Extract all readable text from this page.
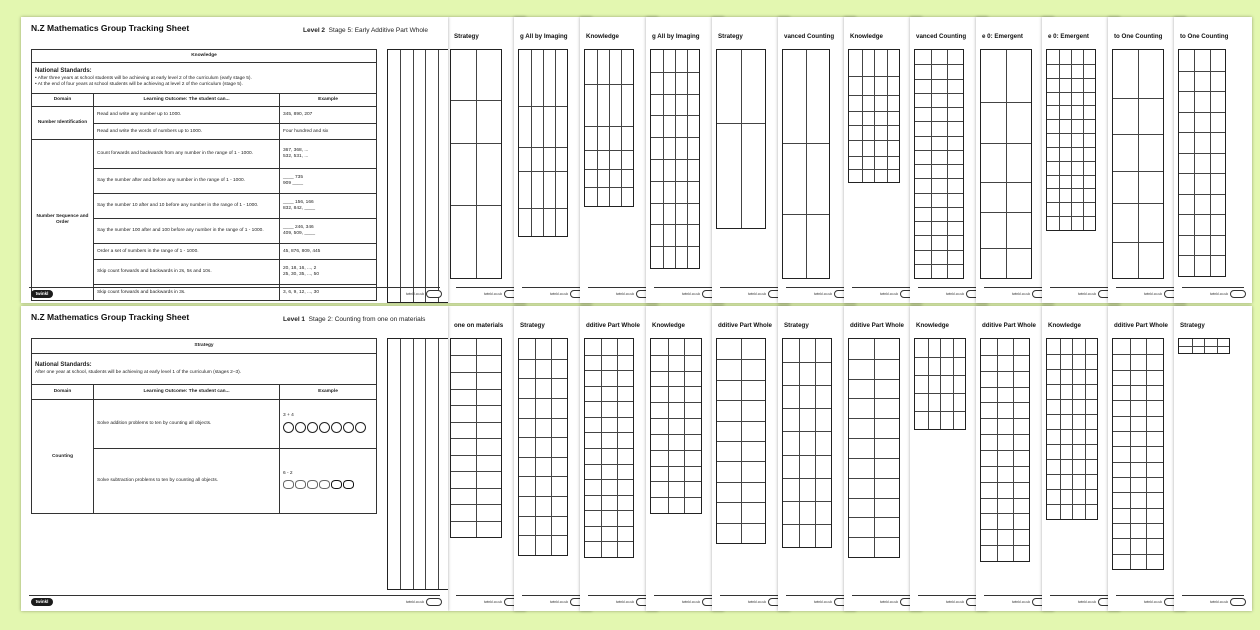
to One Counting
twinkl.co.uk
to One Counting
twinkl.co.uk
e 0: Emergent
twinkl.co.uk
e 0: Emergent
twinkl.co.uk
vanced Counting
twinkl.co.uk
Knowledge
twinkl.co.uk
vanced Counting
twinkl.co.uk
Strategy
twinkl.co.uk
g All by Imaging
twinkl.co.uk
Knowledge
twinkl.co.uk
g All by Imaging
twinkl.co.uk
Strategy
twinkl.co.uk
Strategy
twinkl.co.uk
dditive Part Whole
twinkl.co.uk
Knowledge
twinkl.co.uk
dditive Part Whole
twinkl.co.uk
Knowledge
twinkl.co.uk
dditive Part Whole
twinkl.co.uk
Strategy
twinkl.co.uk
dditive Part Whole
twinkl.co.uk
Knowledge
twinkl.co.uk
dditive Part Whole
twinkl.co.uk
Strategy
twinkl.co.uk
one on materials
twinkl.co.uk
N.Z Mathematics Group Tracking Sheet	Level 2 Stage 5: Early Additive Part Whole
Knowledge		

National Standards:
• After three years at school students will be achieving at early level 2 of the curriculum (early stage 5).
• At the end of four years at school students will be achieving at level 2 of the curriculum (stage 5).		

Domain	Learning Outcome: The student can...	Example
Number Identification	Read and write any number up to 1000.	345, 890, 207
	Read and write the words of numbers up to 1000.	Four hundred and six
Number Sequence and Order	Count forwards and backwards from any number in the range of 1 - 1000.	367, 368, ...
532, 531, ...
	Say the number after and before any number in the range of 1 - 1000.	____ 735
909 ____
	Say the number 10 after and 10 before any number in the range of 1 - 1000.	____ 156, 166
832, 842, ____
	Say the number 100 after and 100 before any number in the range of 1 - 1000.	____ 246, 346
409, 509, ____
	Order a set of numbers in the range of 1 - 1000.	45, 876, 809, 445
	Skip count forwards and backwards in 2s, 5s and 10s.	20, 18, 16, ..., 2
25, 30, 35, ..., 50
	Skip count forwards and backwards in 3s.	3, 6, 9, 12, ..., 30
twinkl	twinkl.co.uk
N.Z Mathematics Group Tracking Sheet	Level 1 Stage 2: Counting from one on materials
Strategy		

National Standards:
After one year at school, students will be achieving at early level 1 of the curriculum (stages 2–3).		

Domain	Learning Outcome: The student can...	Example
Counting	Solve addition problems to ten by counting all objects.	3 + 4

	Solve subtraction problems to ten by counting all objects.	6 - 2
twinkl	twinkl.co.uk
